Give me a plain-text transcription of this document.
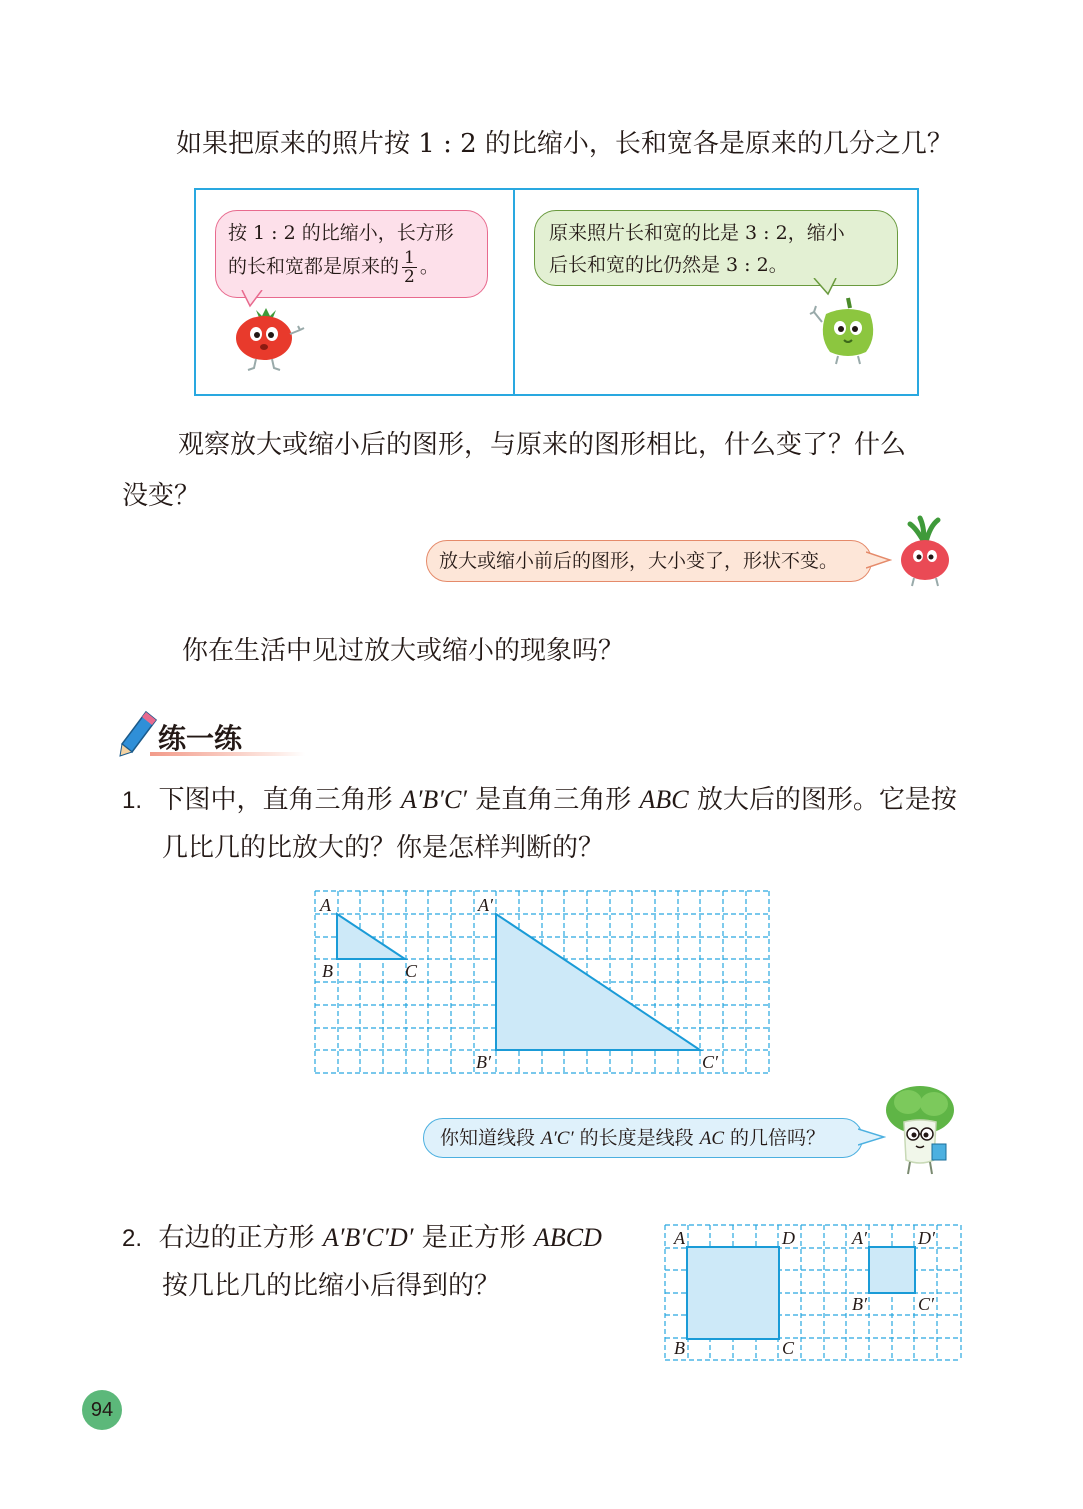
如果把原来的照片按 1 : 2 的比缩小，长和宽各是原来的几分之几？
按 1 : 2 的比缩小，长方形
的长和宽都是原来的 $\frac{1}{2}$ 。
原来照片长和宽的比是 3 : 2，缩小
后长和宽的比仍然是 3 : 2。
观察放大或缩小后的图形，与原来的图形相比，什么变了？什么
没变？
放大或缩小前后的图形，大小变了，形状不变。
你在生活中见过放大或缩小的现象吗？
练一练
1. 下图中，直角三角形 A′B′C′ 是直角三角形 ABC 放大后的图形。它是按
几比几的比放大的？你是怎样判断的？
A
B	C
A′
B′	C′
你知道线段 A′C′ 的长度是线段 AC 的几倍吗？
2. 右边的正方形 A′B′C′D′ 是正方形 ABCD
按几比几的比缩小后得到的？
A	D
B	C
A′	D′
B′	C′
94
